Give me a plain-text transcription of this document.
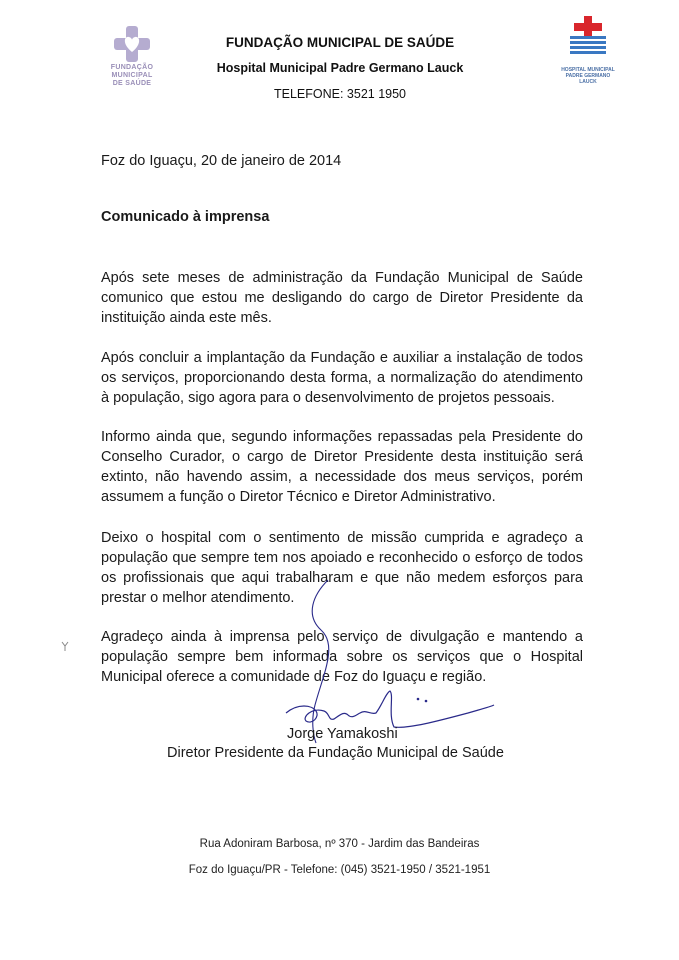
FUNDAÇÃO
MUNICIPAL
DE SAÚDE
FUNDAÇÃO MUNICIPAL DE SAÚDE
Hospital Municipal Padre Germano Lauck
TELEFONE: 3521 1950
HOSPITAL MUNICIPAL
PADRE GERMANO LAUCK
Foz do Iguaçu, 20 de janeiro de 2014
Comunicado à imprensa

Após sete meses de administração da Fundação Municipal de Saúde comunico que estou me desligando do cargo de Diretor Presidente da instituição ainda este mês.

Após concluir a implantação da Fundação e auxiliar a instalação de todos os serviços, proporcionando desta forma, a normalização do atendimento à população, sigo agora para o desenvolvimento de projetos pessoais.

Informo ainda que, segundo informações repassadas pela Presidente do Conselho Curador, o cargo de Diretor Presidente desta instituição será extinto, não havendo assim, a necessidade dos meus serviços, porém assumem a função o Diretor Técnico e Diretor Administrativo.

Deixo o hospital com o sentimento de missão cumprida e agradeço a população que sempre tem nos apoiado e reconhecido o esforço de todos os profissionais que aqui trabalharam e que não medem esforços para prestar o melhor atendimento.

Agradeço ainda à imprensa pelo serviço de divulgação e mantendo a população sempre bem informada sobre os serviços que o Hospital Municipal oferece a comunidade de Foz do Iguaçu e região.

Jorge Yamakoshi
Diretor Presidente da Fundação Municipal de Saúde
Rua Adoniram Barbosa, nº 370 - Jardim das Bandeiras
Foz do Iguaçu/PR - Telefone: (045) 3521-1950 / 3521-1951
